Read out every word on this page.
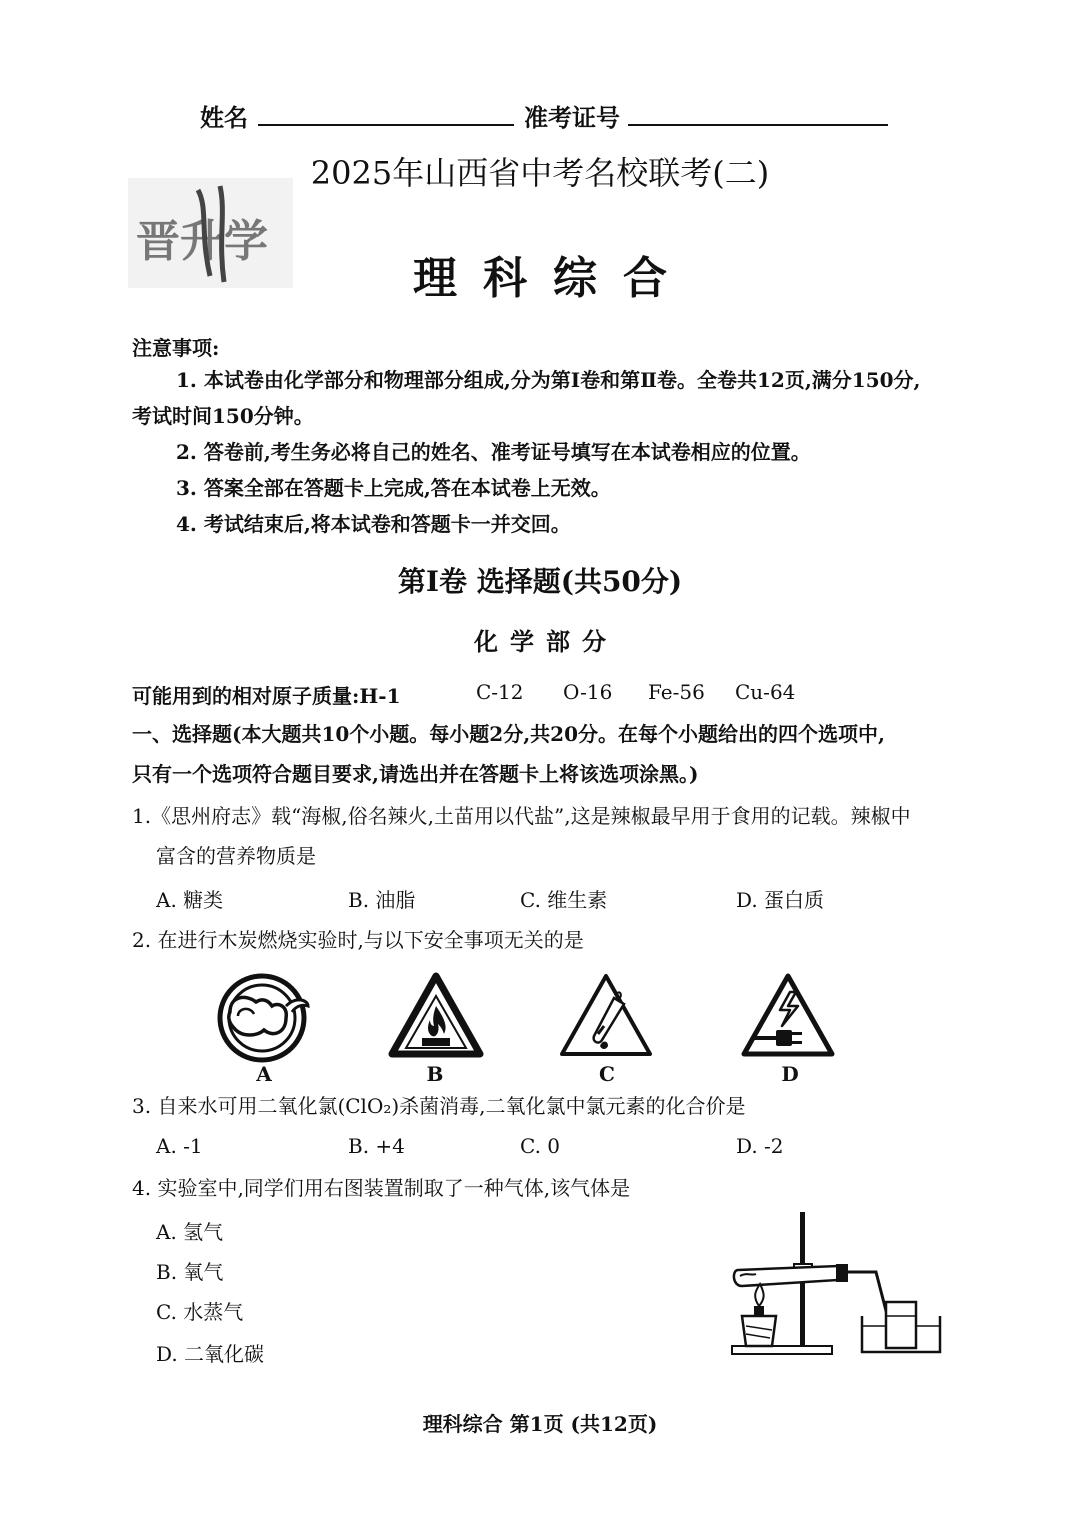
姓名	准考证号
2025年山西省中考名校联考(二)
晋升学
理科综合
注意事项:
1. 本试卷由化学部分和物理部分组成,分为第Ⅰ卷和第Ⅱ卷。全卷共12页,满分150分,
考试时间150分钟。
2. 答卷前,考生务必将自己的姓名、准考证号填写在本试卷相应的位置。
3. 答案全部在答题卡上完成,答在本试卷上无效。
4. 考试结束后,将本试卷和答题卡一并交回。
第Ⅰ卷 选择题(共50分)
化学部分
可能用到的相对原子质量:H-1	C-12 O-16 Fe-56 Cu-64
一、选择题(本大题共10个小题。每小题2分,共20分。在每个小题给出的四个选项中,
只有一个选项符合题目要求,请选出并在答题卡上将该选项涂黑。)
1.《思州府志》载“海椒,俗名辣火,土苗用以代盐”,这是辣椒最早用于食用的记载。辣椒中
富含的营养物质是
A. 糖类	B. 油脂	C. 维生素	D. 蛋白质
2. 在进行木炭燃烧实验时,与以下安全事项无关的是
A	B	C	D
3. 自来水可用二氧化氯(ClO₂)杀菌消毒,二氧化氯中氯元素的化合价是
A. -1	B. +4	C. 0	D. -2
4. 实验室中,同学们用右图装置制取了一种气体,该气体是
A. 氢气
B. 氧气
C. 水蒸气
D. 二氧化碳
理科综合 第1页 (共12页)
